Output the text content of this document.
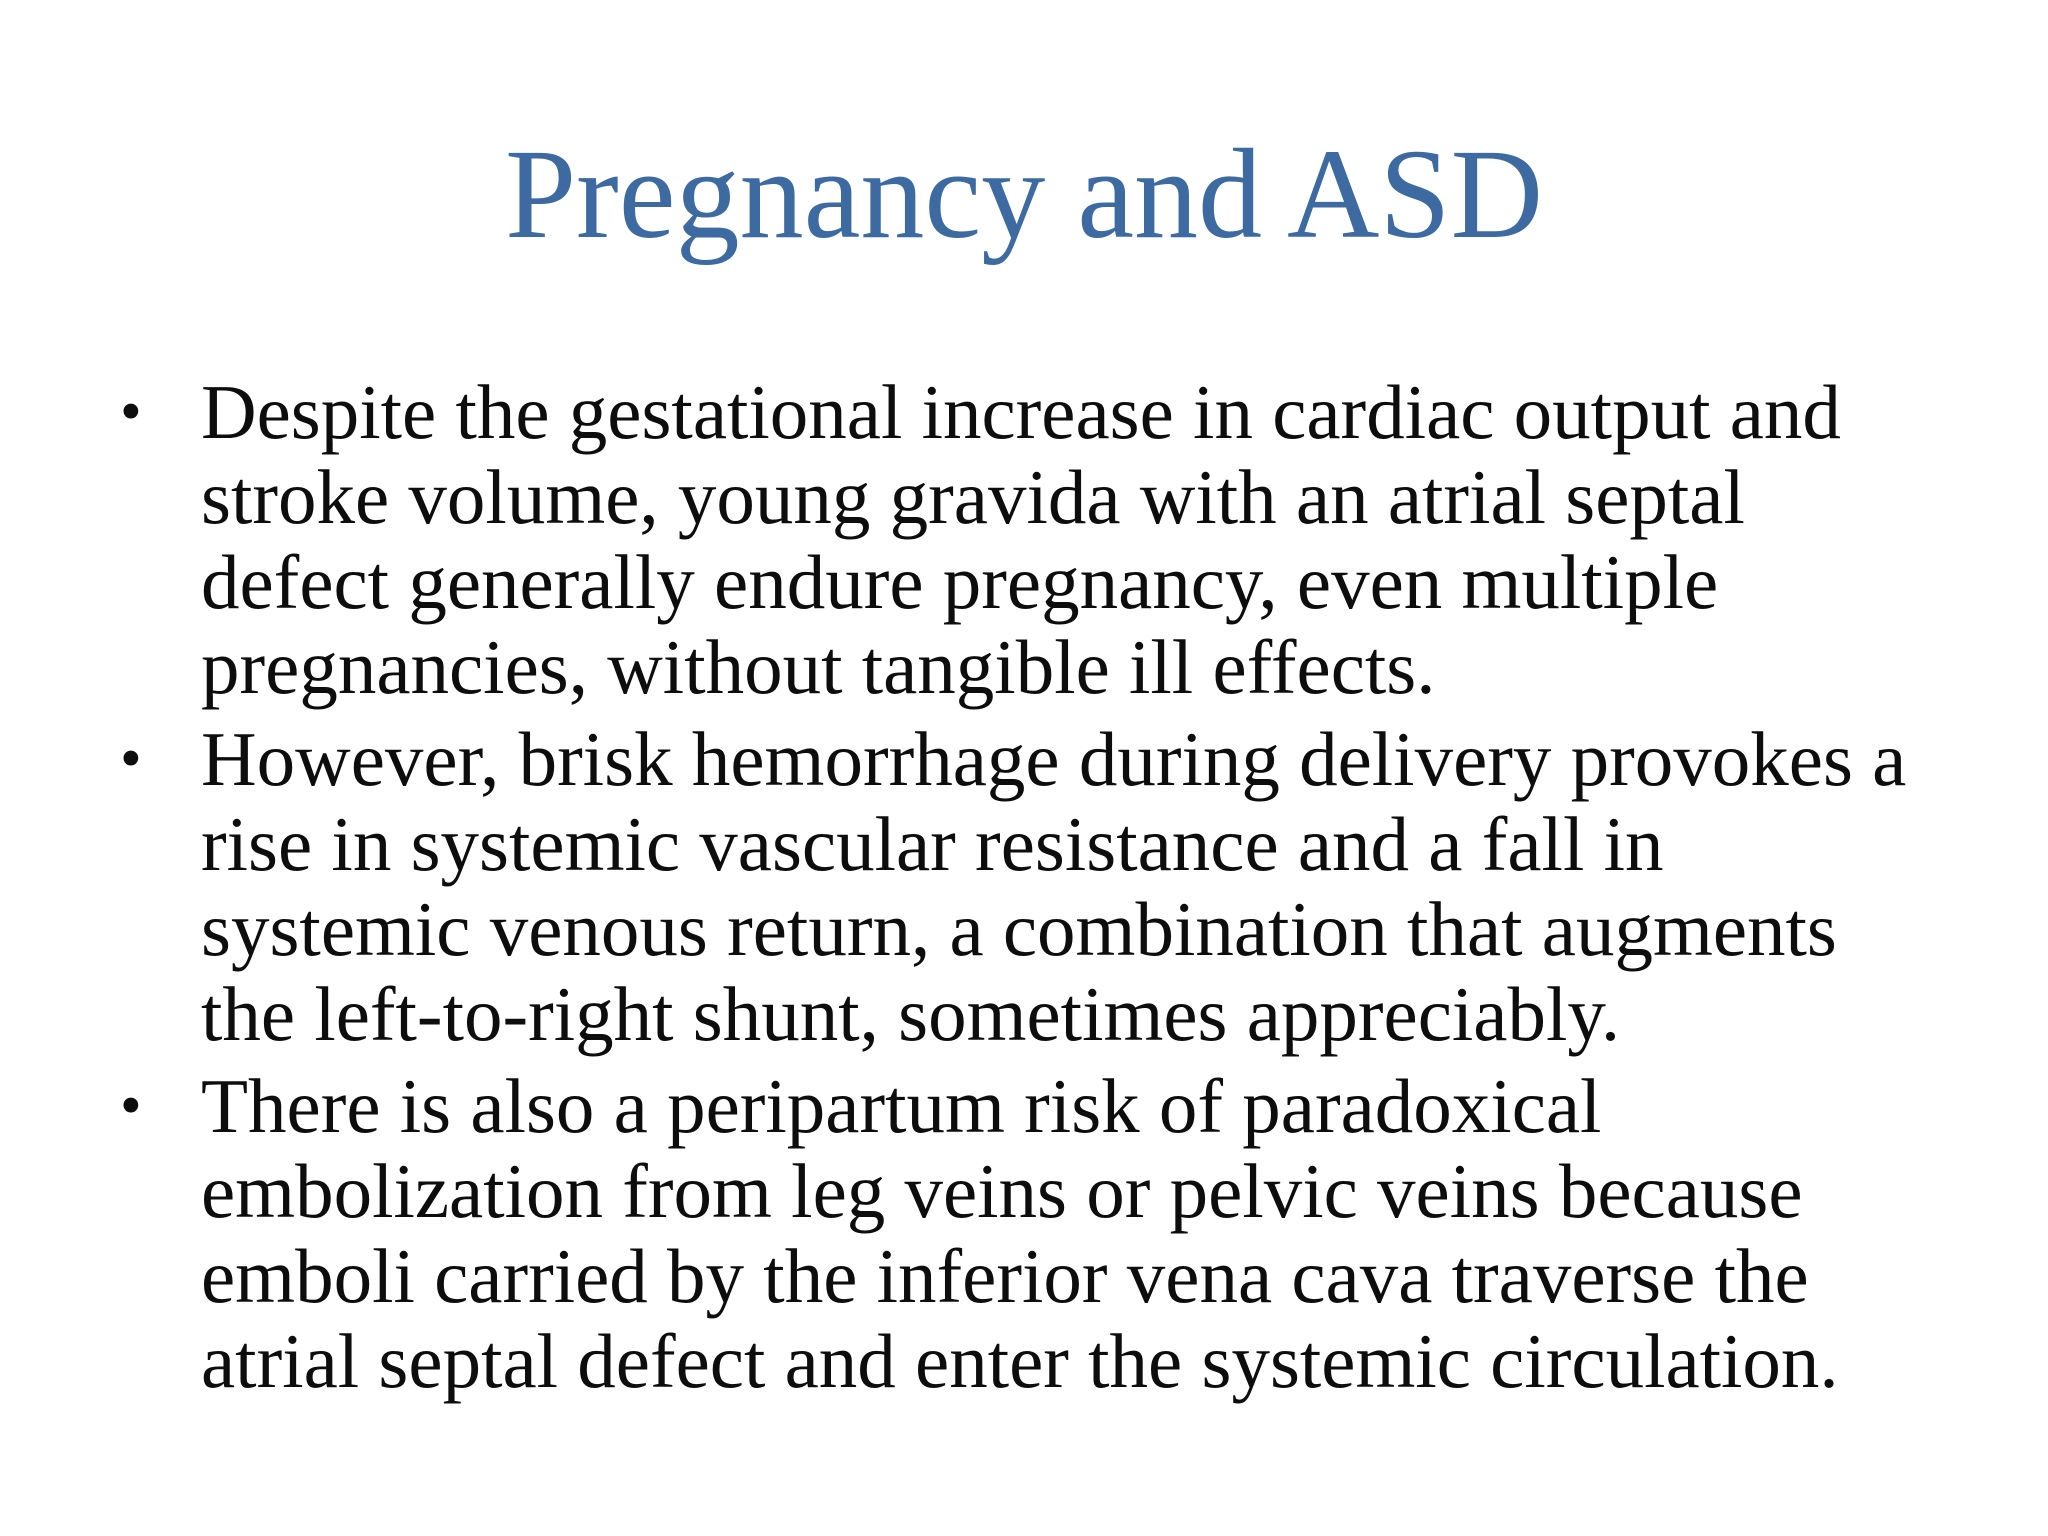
Pregnancy and ASD
• Despite the gestational increase in cardiac output and
stroke volume, young gravida with an atrial septal
defect generally endure pregnancy, even multiple
pregnancies, without tangible ill effects.
• However, brisk hemorrhage during delivery provokes a
rise in systemic vascular resistance and a fall in
systemic venous return, a combination that augments
the left-to-right shunt, sometimes appreciably.
• There is also a peripartum risk of paradoxical
embolization from leg veins or pelvic veins because
emboli carried by the inferior vena cava traverse the
atrial septal defect and enter the systemic circulation.
